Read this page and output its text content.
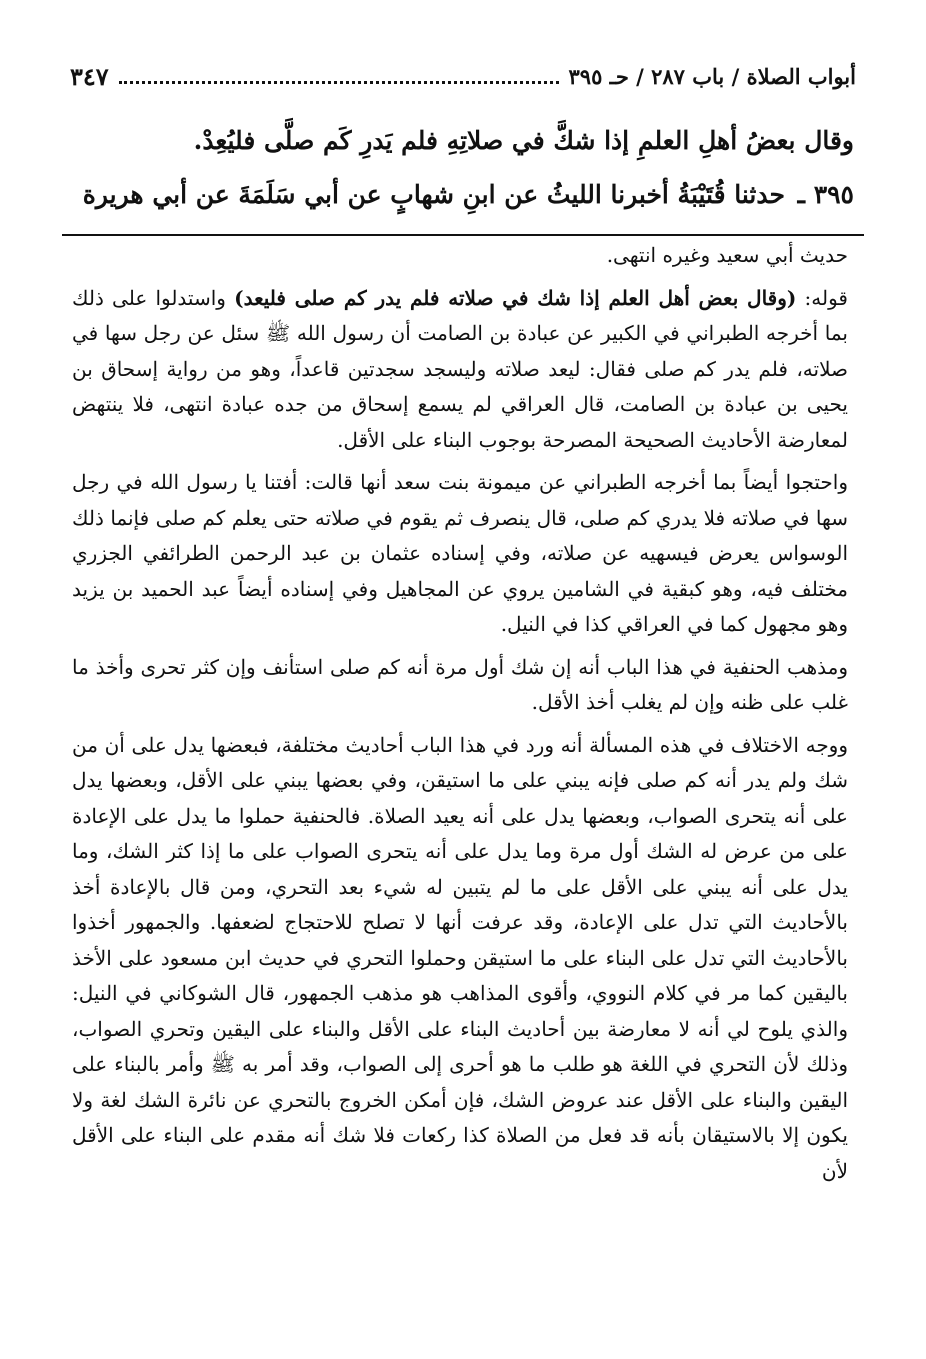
أبواب الصلاة / باب ٢٨٧ / حـ ٣٩٥
٣٤٧
وقال بعضُ أهلِ العلمِ إذا شكَّ في صلاتِهِ فلم يَدرِ كَم صلَّى فليُعِدْ.
٣٩٥ ـ حدثنا قُتَيْبَةُ أخبرنا الليثُ عن ابنِ شهابٍ عن أبي سَلَمَةَ عن أبي هريرة

حديث أبي سعيد وغيره انتهى.

قوله: (وقال بعض أهل العلم إذا شك في صلاته فلم يدر كم صلى فليعد) واستدلوا على ذلك بما أخرجه الطبراني في الكبير عن عبادة بن الصامت أن رسول الله ﷺ سئل عن رجل سها في صلاته، فلم يدر كم صلى فقال: ليعد صلاته وليسجد سجدتين قاعداً، وهو من رواية إسحاق بن يحيى بن عبادة بن الصامت، قال العراقي لم يسمع إسحاق من جده عبادة انتهى، فلا ينتهض لمعارضة الأحاديث الصحيحة المصرحة بوجوب البناء على الأقل.

واحتجوا أيضاً بما أخرجه الطبراني عن ميمونة بنت سعد أنها قالت: أفتنا يا رسول الله في رجل سها في صلاته فلا يدري كم صلى، قال ينصرف ثم يقوم في صلاته حتى يعلم كم صلى فإنما ذلك الوسواس يعرض فيسهيه عن صلاته، وفي إسناده عثمان بن عبد الرحمن الطرائفي الجزري مختلف فيه، وهو كبقية في الشامين يروي عن المجاهيل وفي إسناده أيضاً عبد الحميد بن يزيد وهو مجهول كما في العراقي كذا في النيل.

ومذهب الحنفية في هذا الباب أنه إن شك أول مرة أنه كم صلى استأنف وإن كثر تحرى وأخذ ما غلب على ظنه وإن لم يغلب أخذ الأقل.

ووجه الاختلاف في هذه المسألة أنه ورد في هذا الباب أحاديث مختلفة، فبعضها يدل على أن من شك ولم يدر أنه كم صلى فإنه يبني على ما استيقن، وفي بعضها يبني على الأقل، وبعضها يدل على أنه يتحرى الصواب، وبعضها يدل على أنه يعيد الصلاة. فالحنفية حملوا ما يدل على الإعادة على من عرض له الشك أول مرة وما يدل على أنه يتحرى الصواب على ما إذا كثر الشك، وما يدل على أنه يبني على الأقل على ما لم يتبين له شيء بعد التحري، ومن قال بالإعادة أخذ بالأحاديث التي تدل على الإعادة، وقد عرفت أنها لا تصلح للاحتجاج لضعفها. والجمهور أخذوا بالأحاديث التي تدل على البناء على ما استيقن وحملوا التحري في حديث ابن مسعود على الأخذ باليقين كما مر في كلام النووي، وأقوى المذاهب هو مذهب الجمهور، قال الشوكاني في النيل: والذي يلوح لي أنه لا معارضة بين أحاديث البناء على الأقل والبناء على اليقين وتحري الصواب، وذلك لأن التحري في اللغة هو طلب ما هو أحرى إلى الصواب، وقد أمر به ﷺ وأمر بالبناء على اليقين والبناء على الأقل عند عروض الشك، فإن أمكن الخروج بالتحري عن نائرة الشك لغة ولا يكون إلا بالاستيقان بأنه قد فعل من الصلاة كذا ركعات فلا شك أنه مقدم على البناء على الأقل لأن
